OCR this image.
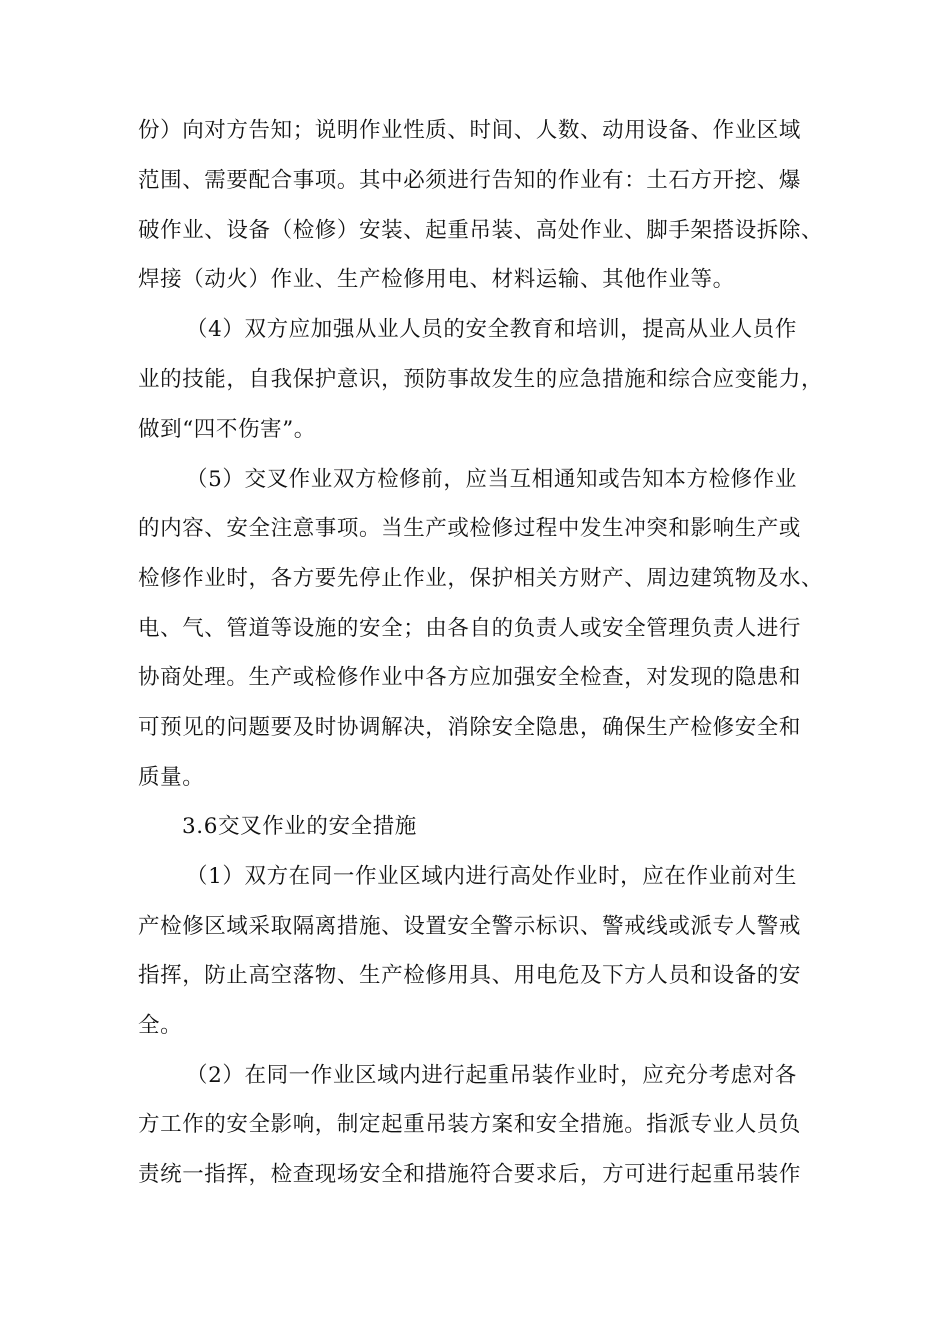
份）向对方告知；说明作业性质、时间、人数、动用设备、作业区域
范围、需要配合事项。其中必须进行告知的作业有：土石方开挖、爆
破作业、设备（检修）安装、起重吊装、高处作业、脚手架搭设拆除、
焊接（动火）作业、生产检修用电、材料运输、其他作业等。
（4）双方应加强从业人员的安全教育和培训，提高从业人员作
业的技能，自我保护意识，预防事故发生的应急措施和综合应变能力，
做到“四不伤害”。
（5）交叉作业双方检修前，应当互相通知或告知本方检修作业
的内容、安全注意事项。当生产或检修过程中发生冲突和影响生产或
检修作业时，各方要先停止作业，保护相关方财产、周边建筑物及水、
电、气、管道等设施的安全；由各自的负责人或安全管理负责人进行
协商处理。生产或检修作业中各方应加强安全检查，对发现的隐患和
可预见的问题要及时协调解决，消除安全隐患，确保生产检修安全和
质量。
3.6交叉作业的安全措施
（1）双方在同一作业区域内进行高处作业时，应在作业前对生
产检修区域采取隔离措施、设置安全警示标识、警戒线或派专人警戒
指挥，防止高空落物、生产检修用具、用电危及下方人员和设备的安
全。
（2）在同一作业区域内进行起重吊装作业时，应充分考虑对各
方工作的安全影响，制定起重吊装方案和安全措施。指派专业人员负
责统一指挥，检查现场安全和措施符合要求后，方可进行起重吊装作
